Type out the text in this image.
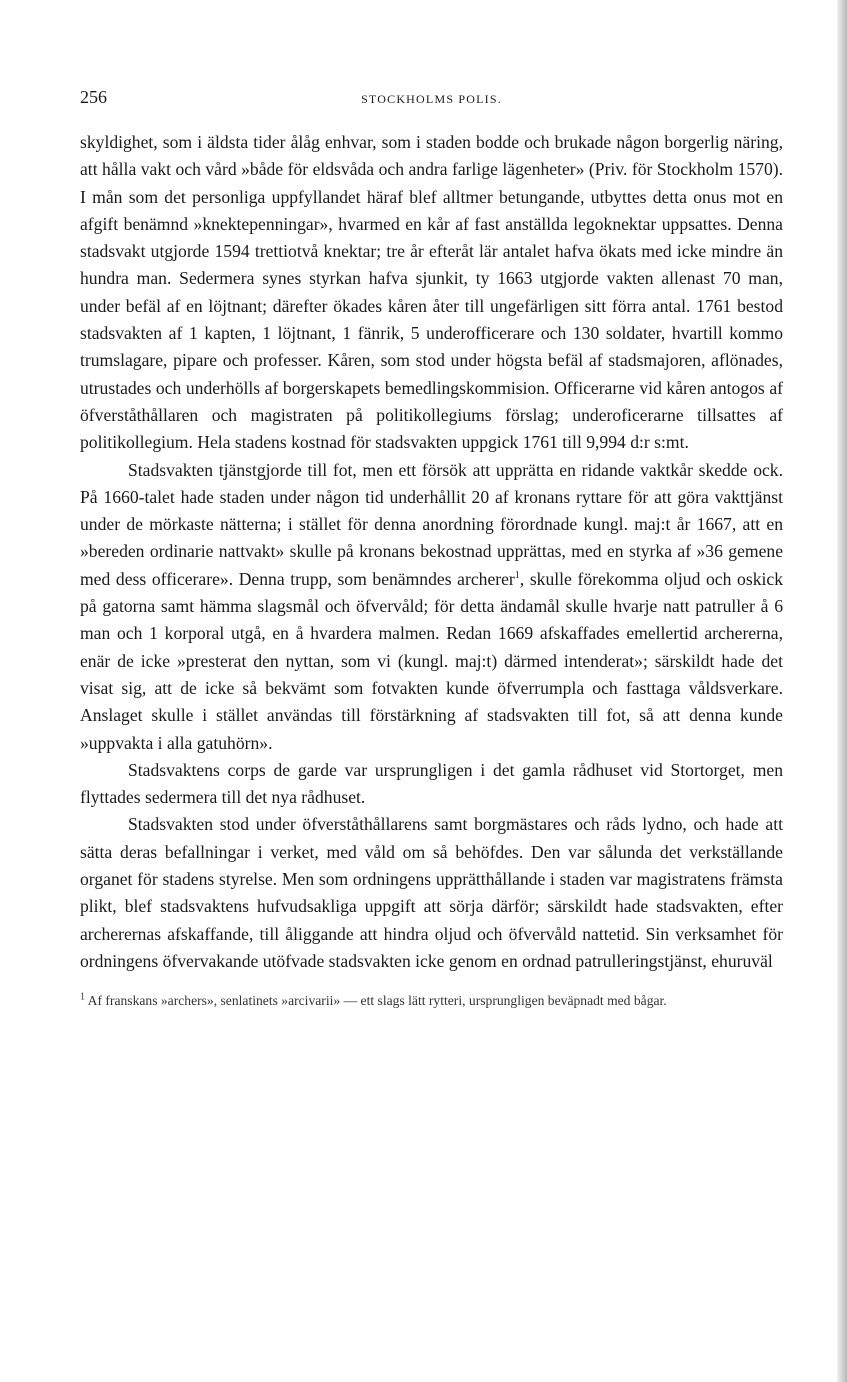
256	STOCKHOLMS POLIS.

skyldighet, som i äldsta tider ålåg enhvar, som i staden bodde och brukade någon borgerlig näring, att hålla vakt och vård »både för eldsvåda och andra farlige lägenheter» (Priv. för Stockholm 1570). I mån som det personliga uppfyllandet häraf blef alltmer betungande, utbyttes detta onus mot en afgift benämnd »knektepenningar», hvarmed en kår af fast anställda legoknektar uppsattes. Denna stadsvakt utgjorde 1594 trettiotvå knektar; tre år efteråt lär antalet hafva ökats med icke mindre än hundra man. Sedermera synes styrkan hafva sjunkit, ty 1663 utgjorde vakten allenast 70 man, under befäl af en löjtnant; därefter ökades kåren åter till ungefärligen sitt förra antal. 1761 bestod stadsvakten af 1 kapten, 1 löjtnant, 1 fänrik, 5 underofficerare och 130 soldater, hvartill kommo trumslagare, pipare och professer. Kåren, som stod under högsta befäl af stadsmajoren, aflönades, utrustades och underhölls af borgerskapets bemedlingskommision. Officerarne vid kåren antogos af öfverståthållaren och magistraten på politikollegiums förslag; underoficerarne tillsattes af politikollegium. Hela stadens kostnad för stadsvakten uppgick 1761 till 9,994 d:r s:mt.

Stadsvakten tjänstgjorde till fot, men ett försök att upprätta en ridande vaktkår skedde ock. På 1660-talet hade staden under någon tid underhållit 20 af kronans ryttare för att göra vakttjänst under de mörkaste nätterna; i stället för denna anordning förordnade kungl. maj:t år 1667, att en »bereden ordinarie nattvakt» skulle på kronans bekostnad upprättas, med en styrka af »36 gemene med dess officerare». Denna trupp, som benämndes archerer$^1$, skulle förekomma oljud och oskick på gatorna samt hämma slagsmål och öfvervåld; för detta ändamål skulle hvarje natt patruller å 6 man och 1 korporal utgå, en å hvardera malmen. Redan 1669 afskaffades emellertid archererna, enär de icke »presterat den nyttan, som vi (kungl. maj:t) därmed intenderat»; särskildt hade det visat sig, att de icke så bekvämt som fotvakten kunde öfverrumpla och fasttaga våldsverkare. Anslaget skulle i stället användas till förstärkning af stadsvakten till fot, så att denna kunde »uppvakta i alla gatuhörn».

Stadsvaktens corps de garde var ursprungligen i det gamla rådhuset vid Stortorget, men flyttades sedermera till det nya rådhuset.

Stadsvakten stod under öfverståthållarens samt borgmästares och råds lydno, och hade att sätta deras befallningar i verket, med våld om så behöfdes. Den var sålunda det verkställande organet för stadens styrelse. Men som ordningens upprätthållande i staden var magistratens främsta plikt, blef stadsvaktens hufvudsakliga uppgift att sörja därför; särskildt hade stadsvakten, efter archerernas afskaffande, till åliggande att hindra oljud och öfvervåld nattetid. Sin verksamhet för ordningens öfvervakande utöfvade stadsvakten icke genom en ordnad patrulleringstjänst, ehuruväl

$^1$ Af franskans »archers», senlatinets »arcivarii» — ett slags lätt rytteri, ursprungligen beväpnadt med bågar.
